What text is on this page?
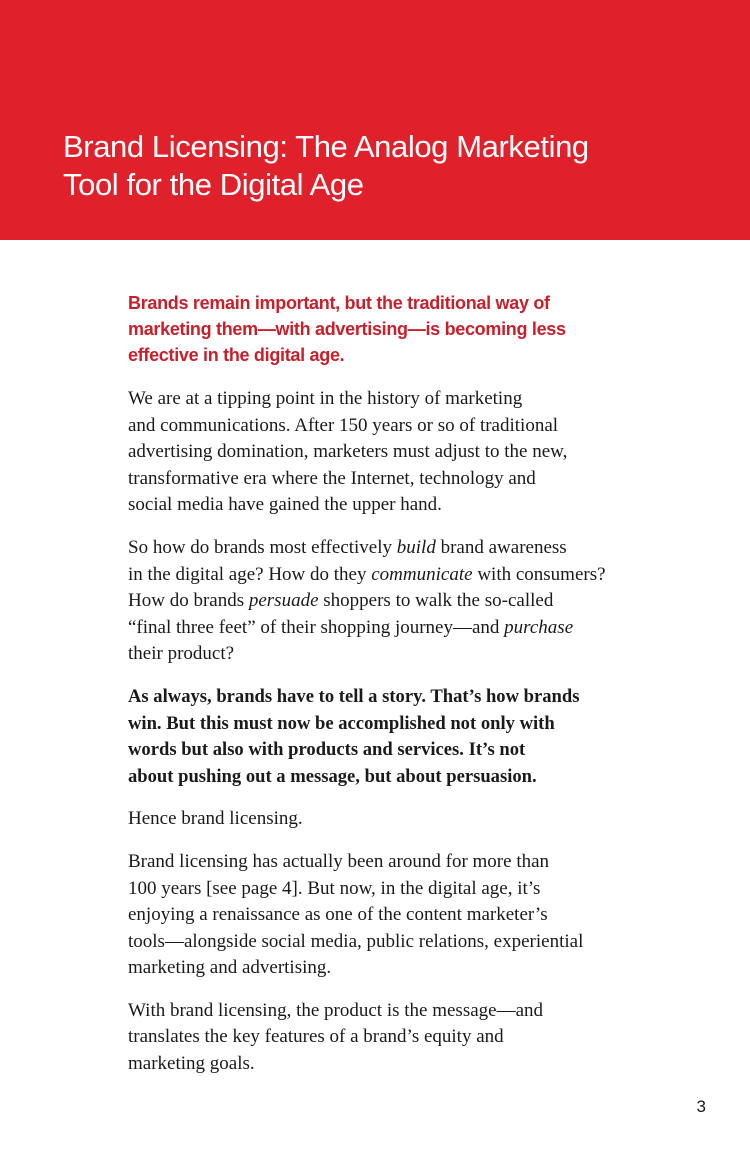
Brand Licensing: The Analog Marketing
Tool for the Digital Age

Brands remain important, but the traditional way of
marketing them—with advertising—is becoming less
effective in the digital age.

We are at a tipping point in the history of marketing
and communications. After 150 years or so of traditional
advertising domination, marketers must adjust to the new,
transformative era where the Internet, technology and
social media have gained the upper hand.

So how do brands most effectively build brand awareness
in the digital age? How do they communicate with consumers?
How do brands persuade shoppers to walk the so-called
“final three feet” of their shopping journey—and purchase
their product?

As always, brands have to tell a story. That’s how brands
win. But this must now be accomplished not only with
words but also with products and services. It’s not
about pushing out a message, but about persuasion.

Hence brand licensing.

Brand licensing has actually been around for more than
100 years [see page 4]. But now, in the digital age, it’s
enjoying a renaissance as one of the content marketer’s
tools—alongside social media, public relations, experiential
marketing and advertising.

With brand licensing, the product is the message—and
translates the key features of a brand’s equity and
marketing goals.

3
